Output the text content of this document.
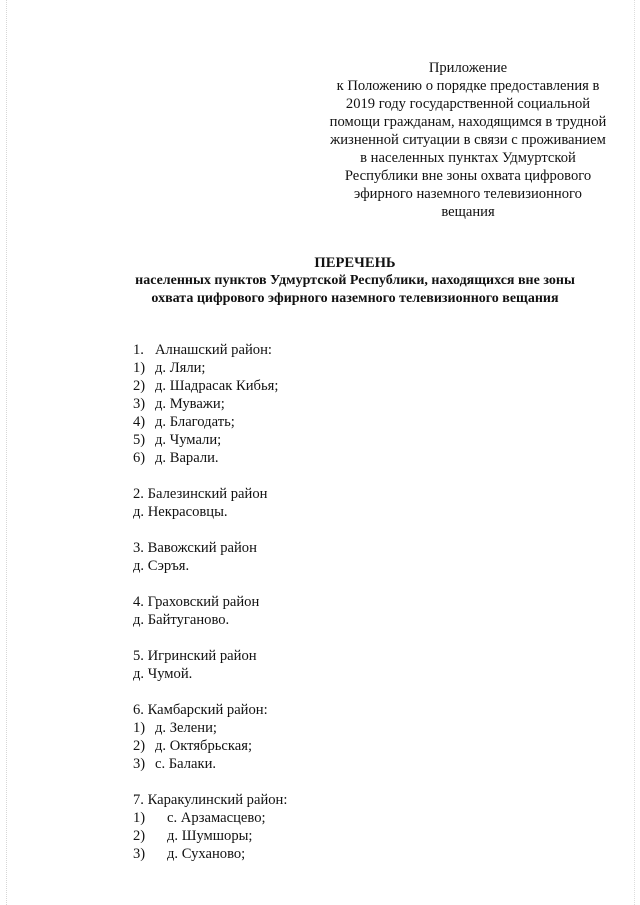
Приложение
к Положению о порядке предоставления в
2019 году государственной социальной
помощи гражданам, находящимся в трудной
жизненной ситуации в связи с проживанием
в населенных пунктах Удмуртской
Республики вне зоны охвата цифрового
эфирного наземного телевизионного
вещания
ПЕРЕЧЕНЬ
населенных пунктов Удмуртской Республики, находящихся вне зоны
охвата цифрового эфирного наземного телевизионного вещания
1. Алнашский район:
1) д. Ляли;
2) д. Шадрасак Кибья;
3) д. Муважи;
4) д. Благодать;
5) д. Чумали;
6) д. Варали.
2. Балезинский район
д. Некрасовцы.
3. Вавожский район
д. Сэръя.
4. Граховский район
д. Байтуганово.
5. Игринский район
д. Чумой.
6. Камбарский район:
1) д. Зелени;
2) д. Октябрьская;
3) с. Балаки.
7. Каракулинский район:
1) с. Арзамасцево;
2) д. Шумшоры;
3) д. Суханово;
